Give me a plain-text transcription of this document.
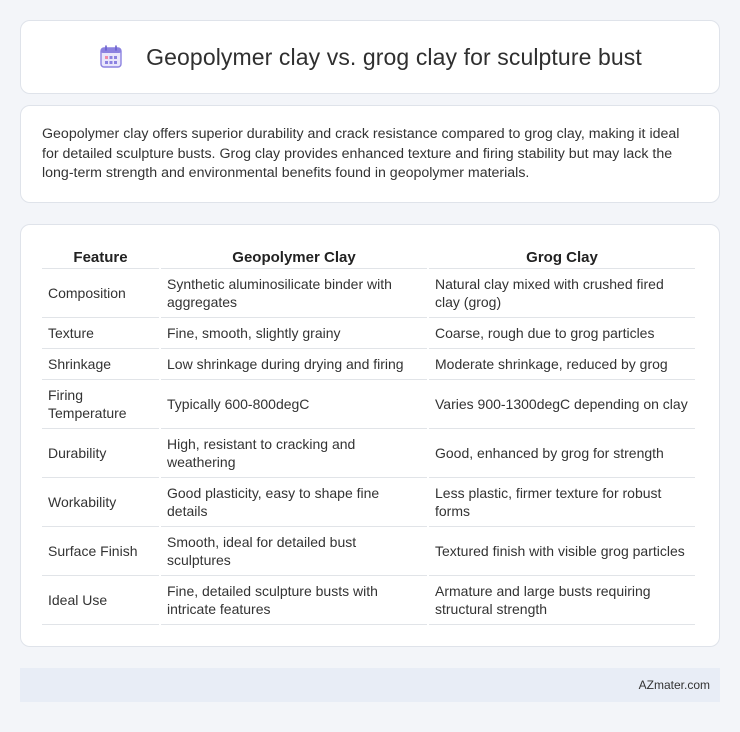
Geopolymer clay vs. grog clay for sculpture bust

Geopolymer clay offers superior durability and crack resistance compared to grog clay, making it ideal for detailed sculpture busts. Grog clay provides enhanced texture and firing stability but may lack the long-term strength and environmental benefits found in geopolymer materials.

Feature	Geopolymer Clay	Grog Clay
Composition	Synthetic aluminosilicate binder with aggregates	Natural clay mixed with crushed fired clay (grog)
Texture	Fine, smooth, slightly grainy	Coarse, rough due to grog particles
Shrinkage	Low shrinkage during drying and firing	Moderate shrinkage, reduced by grog
Firing Temperature	Typically 600-800degC	Varies 900-1300degC depending on clay
Durability	High, resistant to cracking and weathering	Good, enhanced by grog for strength
Workability	Good plasticity, easy to shape fine details	Less plastic, firmer texture for robust forms
Surface Finish	Smooth, ideal for detailed bust sculptures	Textured finish with visible grog particles
Ideal Use	Fine, detailed sculpture busts with intricate features	Armature and large busts requiring structural strength
AZmater.com
